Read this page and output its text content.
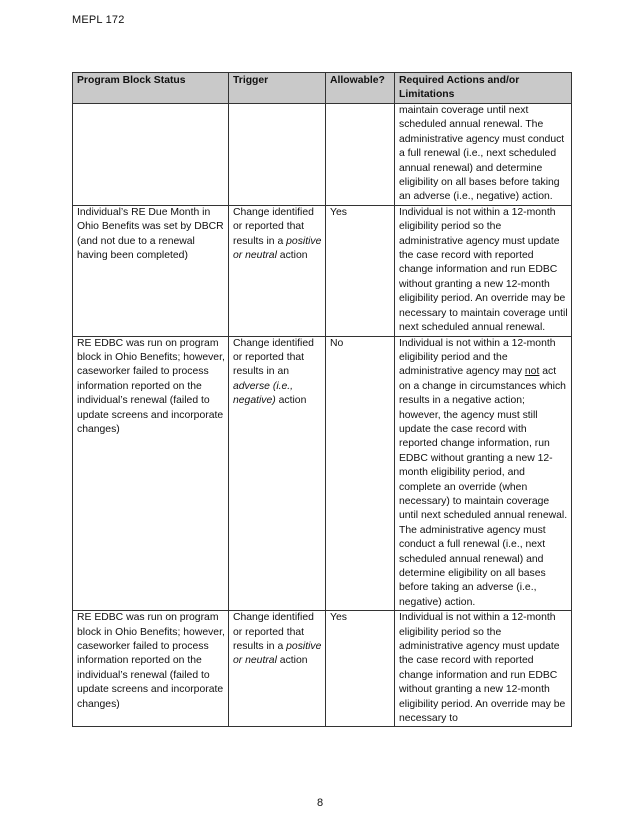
MEPL 172
Program Block Status	Trigger	Allowable?	Required Actions and/or Limitations
			maintain coverage until next scheduled annual renewal. The administrative agency must conduct a full renewal (i.e., next scheduled annual renewal) and determine eligibility on all bases before taking an adverse (i.e., negative) action.
Individual’s RE Due Month in Ohio Benefits was set by DBCR (and not due to a renewal having been completed)	Change identified or reported that results in a positive or neutral action	Yes	Individual is not within a 12-month eligibility period so the administrative agency must update the case record with reported change information and run EDBC without granting a new 12-month eligibility period. An override may be necessary to maintain coverage until next scheduled annual renewal.
RE EDBC was run on program block in Ohio Benefits; however, caseworker failed to process information reported on the individual’s renewal (failed to update screens and incorporate changes)	Change identified or reported that results in an adverse (i.e., negative) action	No	Individual is not within a 12-month eligibility period and the administrative agency may not act on a change in circumstances which results in a negative action; however, the agency must still update the case record with reported change information, run EDBC without granting a new 12-month eligibility period, and complete an override (when necessary) to maintain coverage until next scheduled annual renewal. The administrative agency must conduct a full renewal (i.e., next scheduled annual renewal) and determine eligibility on all bases before taking an adverse (i.e., negative) action.
RE EDBC was run on program block in Ohio Benefits; however, caseworker failed to process information reported on the individual’s renewal (failed to update screens and incorporate changes)	Change identified or reported that results in a positive or neutral action	Yes	Individual is not within a 12-month eligibility period so the administrative agency must update the case record with reported change information and run EDBC without granting a new 12-month eligibility period. An override may be necessary to
8
